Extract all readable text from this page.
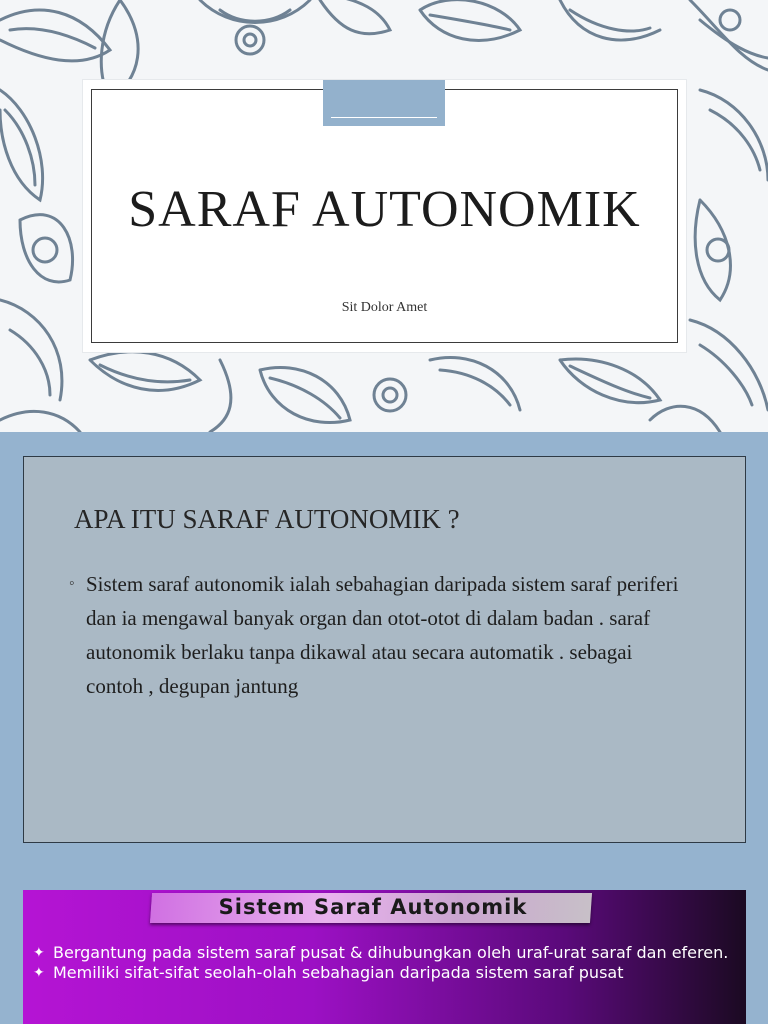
SARAF AUTONOMIK
Sit Dolor Amet
APA ITU SARAF AUTONOMIK ?
◦ Sistem saraf autonomik ialah sebahagian daripada sistem saraf periferi dan ia mengawal banyak organ dan otot-otot di dalam badan . saraf autonomik berlaku tanpa dikawal atau secara automatik . sebagai contoh , degupan jantung
Sistem Saraf Autonomik
✦ Bergantung pada sistem saraf pusat & dihubungkan oleh uraf-urat saraf dan eferen.
✦ Memiliki sifat-sifat seolah-olah sebahagian daripada sistem saraf pusat
